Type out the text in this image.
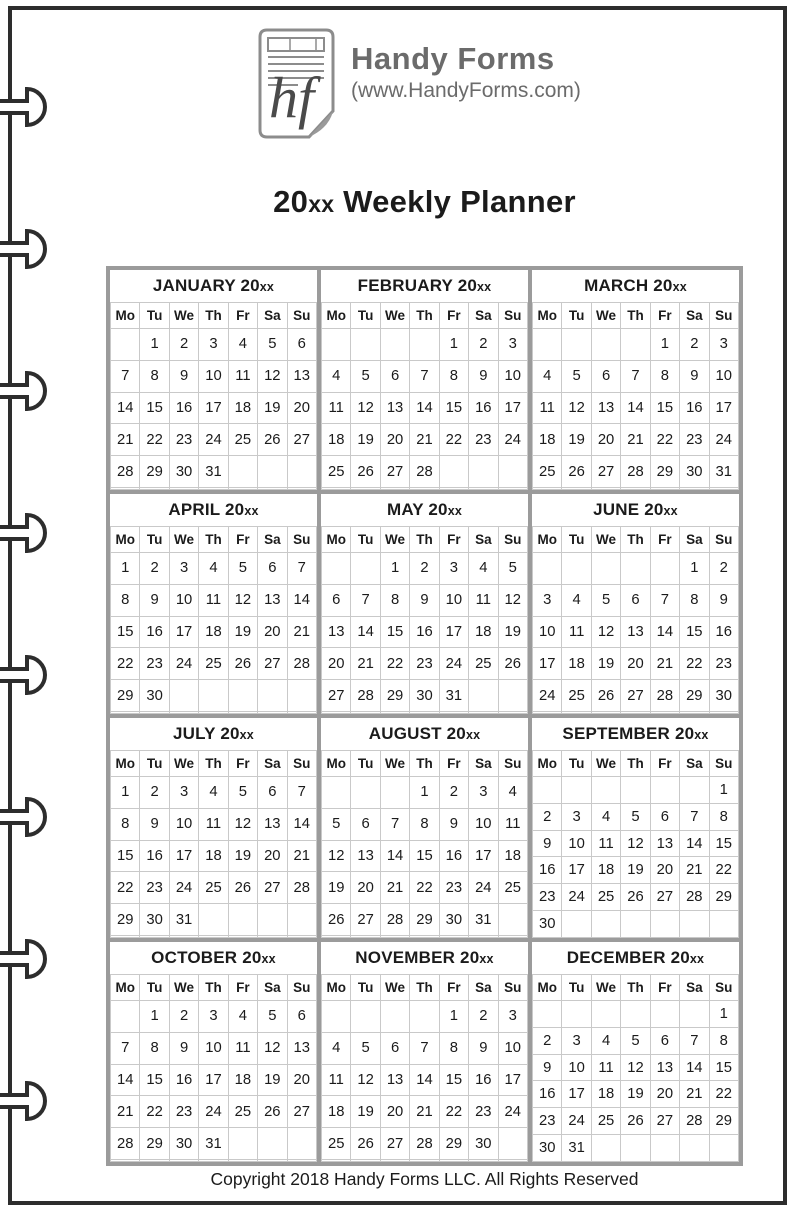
hf
Handy Forms
(www.HandyForms.com)
20xx Weekly Planner
JANUARY 20xx						
Mo	Tu	We	Th	Fr	Sa	Su
	1	2	3	4	5	6
7	8	9	10	11	12	13
14	15	16	17	18	19	20
21	22	23	24	25	26	27
28	29	30	31			

FEBRUARY 20xx						
Mo	Tu	We	Th	Fr	Sa	Su
				1	2	3
4	5	6	7	8	9	10
11	12	13	14	15	16	17
18	19	20	21	22	23	24
25	26	27	28			

MARCH 20xx						
Mo	Tu	We	Th	Fr	Sa	Su
				1	2	3
4	5	6	7	8	9	10
11	12	13	14	15	16	17
18	19	20	21	22	23	24
25	26	27	28	29	30	31

APRIL 20xx						
Mo	Tu	We	Th	Fr	Sa	Su
1	2	3	4	5	6	7
8	9	10	11	12	13	14
15	16	17	18	19	20	21
22	23	24	25	26	27	28
29	30					

MAY 20xx						
Mo	Tu	We	Th	Fr	Sa	Su
		1	2	3	4	5
6	7	8	9	10	11	12
13	14	15	16	17	18	19
20	21	22	23	24	25	26
27	28	29	30	31		

JUNE 20xx						
Mo	Tu	We	Th	Fr	Sa	Su
					1	2
3	4	5	6	7	8	9
10	11	12	13	14	15	16
17	18	19	20	21	22	23
24	25	26	27	28	29	30

JULY 20xx						
Mo	Tu	We	Th	Fr	Sa	Su
1	2	3	4	5	6	7
8	9	10	11	12	13	14
15	16	17	18	19	20	21
22	23	24	25	26	27	28
29	30	31				

AUGUST 20xx						
Mo	Tu	We	Th	Fr	Sa	Su
			1	2	3	4
5	6	7	8	9	10	11
12	13	14	15	16	17	18
19	20	21	22	23	24	25
26	27	28	29	30	31	

SEPTEMBER 20xx						
Mo	Tu	We	Th	Fr	Sa	Su
						1
2	3	4	5	6	7	8
9	10	11	12	13	14	15
16	17	18	19	20	21	22
23	24	25	26	27	28	29
30						
OCTOBER 20xx						
Mo	Tu	We	Th	Fr	Sa	Su
	1	2	3	4	5	6
7	8	9	10	11	12	13
14	15	16	17	18	19	20
21	22	23	24	25	26	27
28	29	30	31			

NOVEMBER 20xx						
Mo	Tu	We	Th	Fr	Sa	Su
				1	2	3
4	5	6	7	8	9	10
11	12	13	14	15	16	17
18	19	20	21	22	23	24
25	26	27	28	29	30	

DECEMBER 20xx						
Mo	Tu	We	Th	Fr	Sa	Su
						1
2	3	4	5	6	7	8
9	10	11	12	13	14	15
16	17	18	19	20	21	22
23	24	25	26	27	28	29
30	31					
Copyright 2018 Handy Forms LLC. All Rights Reserved
